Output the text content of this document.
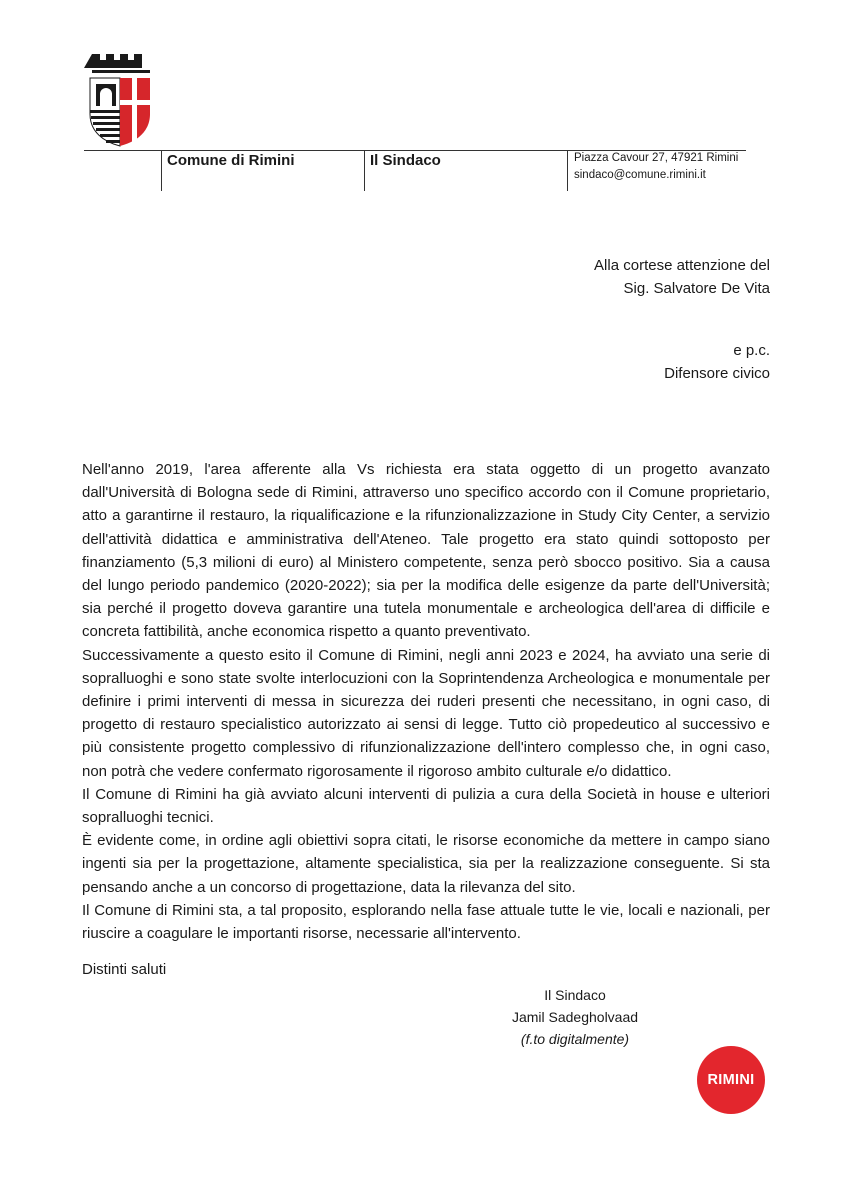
Comune di Rimini	Il Sindaco	Piazza Cavour 27, 47921 Rimini
sindaco@comune.rimini.it
Alla cortese attenzione del
Sig. Salvatore De Vita
e p.c.
Difensore civico

Nell'anno 2019, l'area afferente alla Vs richiesta era stata oggetto di un progetto avanzato dall'Università di Bologna sede di Rimini, attraverso uno specifico accordo con il Comune proprietario, atto a garantirne il restauro, la riqualificazione e la rifunzionalizzazione in Study City Center, a servizio dell'attività didattica e amministrativa dell'Ateneo. Tale progetto era stato quindi sottoposto per finanziamento (5,3 milioni di euro) al Ministero competente, senza però sbocco positivo. Sia a causa del lungo periodo pandemico (2020-2022); sia per la modifica delle esigenze da parte dell'Università; sia perché il progetto doveva garantire una tutela monumentale e archeologica dell'area di difficile e concreta fattibilità, anche economica rispetto a quanto preventivato.

Successivamente a questo esito il Comune di Rimini, negli anni 2023 e 2024, ha avviato una serie di sopralluoghi e sono state svolte interlocuzioni con la Soprintendenza Archeologica e monumentale per definire i primi interventi di messa in sicurezza dei ruderi presenti che necessitano, in ogni caso, di progetto di restauro specialistico autorizzato ai sensi di legge. Tutto ciò propedeutico al successivo e più consistente progetto complessivo di rifunzionalizzazione dell'intero complesso che, in ogni caso, non potrà che vedere confermato rigorosamente il rigoroso ambito culturale e/o didattico.

Il Comune di Rimini ha già avviato alcuni interventi di pulizia a cura della Società in house e ulteriori sopralluoghi tecnici.

È evidente come, in ordine agli obiettivi sopra citati, le risorse economiche da mettere in campo siano ingenti sia per la progettazione, altamente specialistica, sia per la realizzazione conseguente. Si sta pensando anche a un concorso di progettazione, data la rilevanza del sito.

Il Comune di Rimini sta, a tal proposito, esplorando nella fase attuale tutte le vie, locali e nazionali, per riuscire a coagulare le importanti risorse, necessarie all'intervento.

Distinti saluti
Il Sindaco
Jamil Sadegholvaad
(f.to digitalmente)
RIMINI
